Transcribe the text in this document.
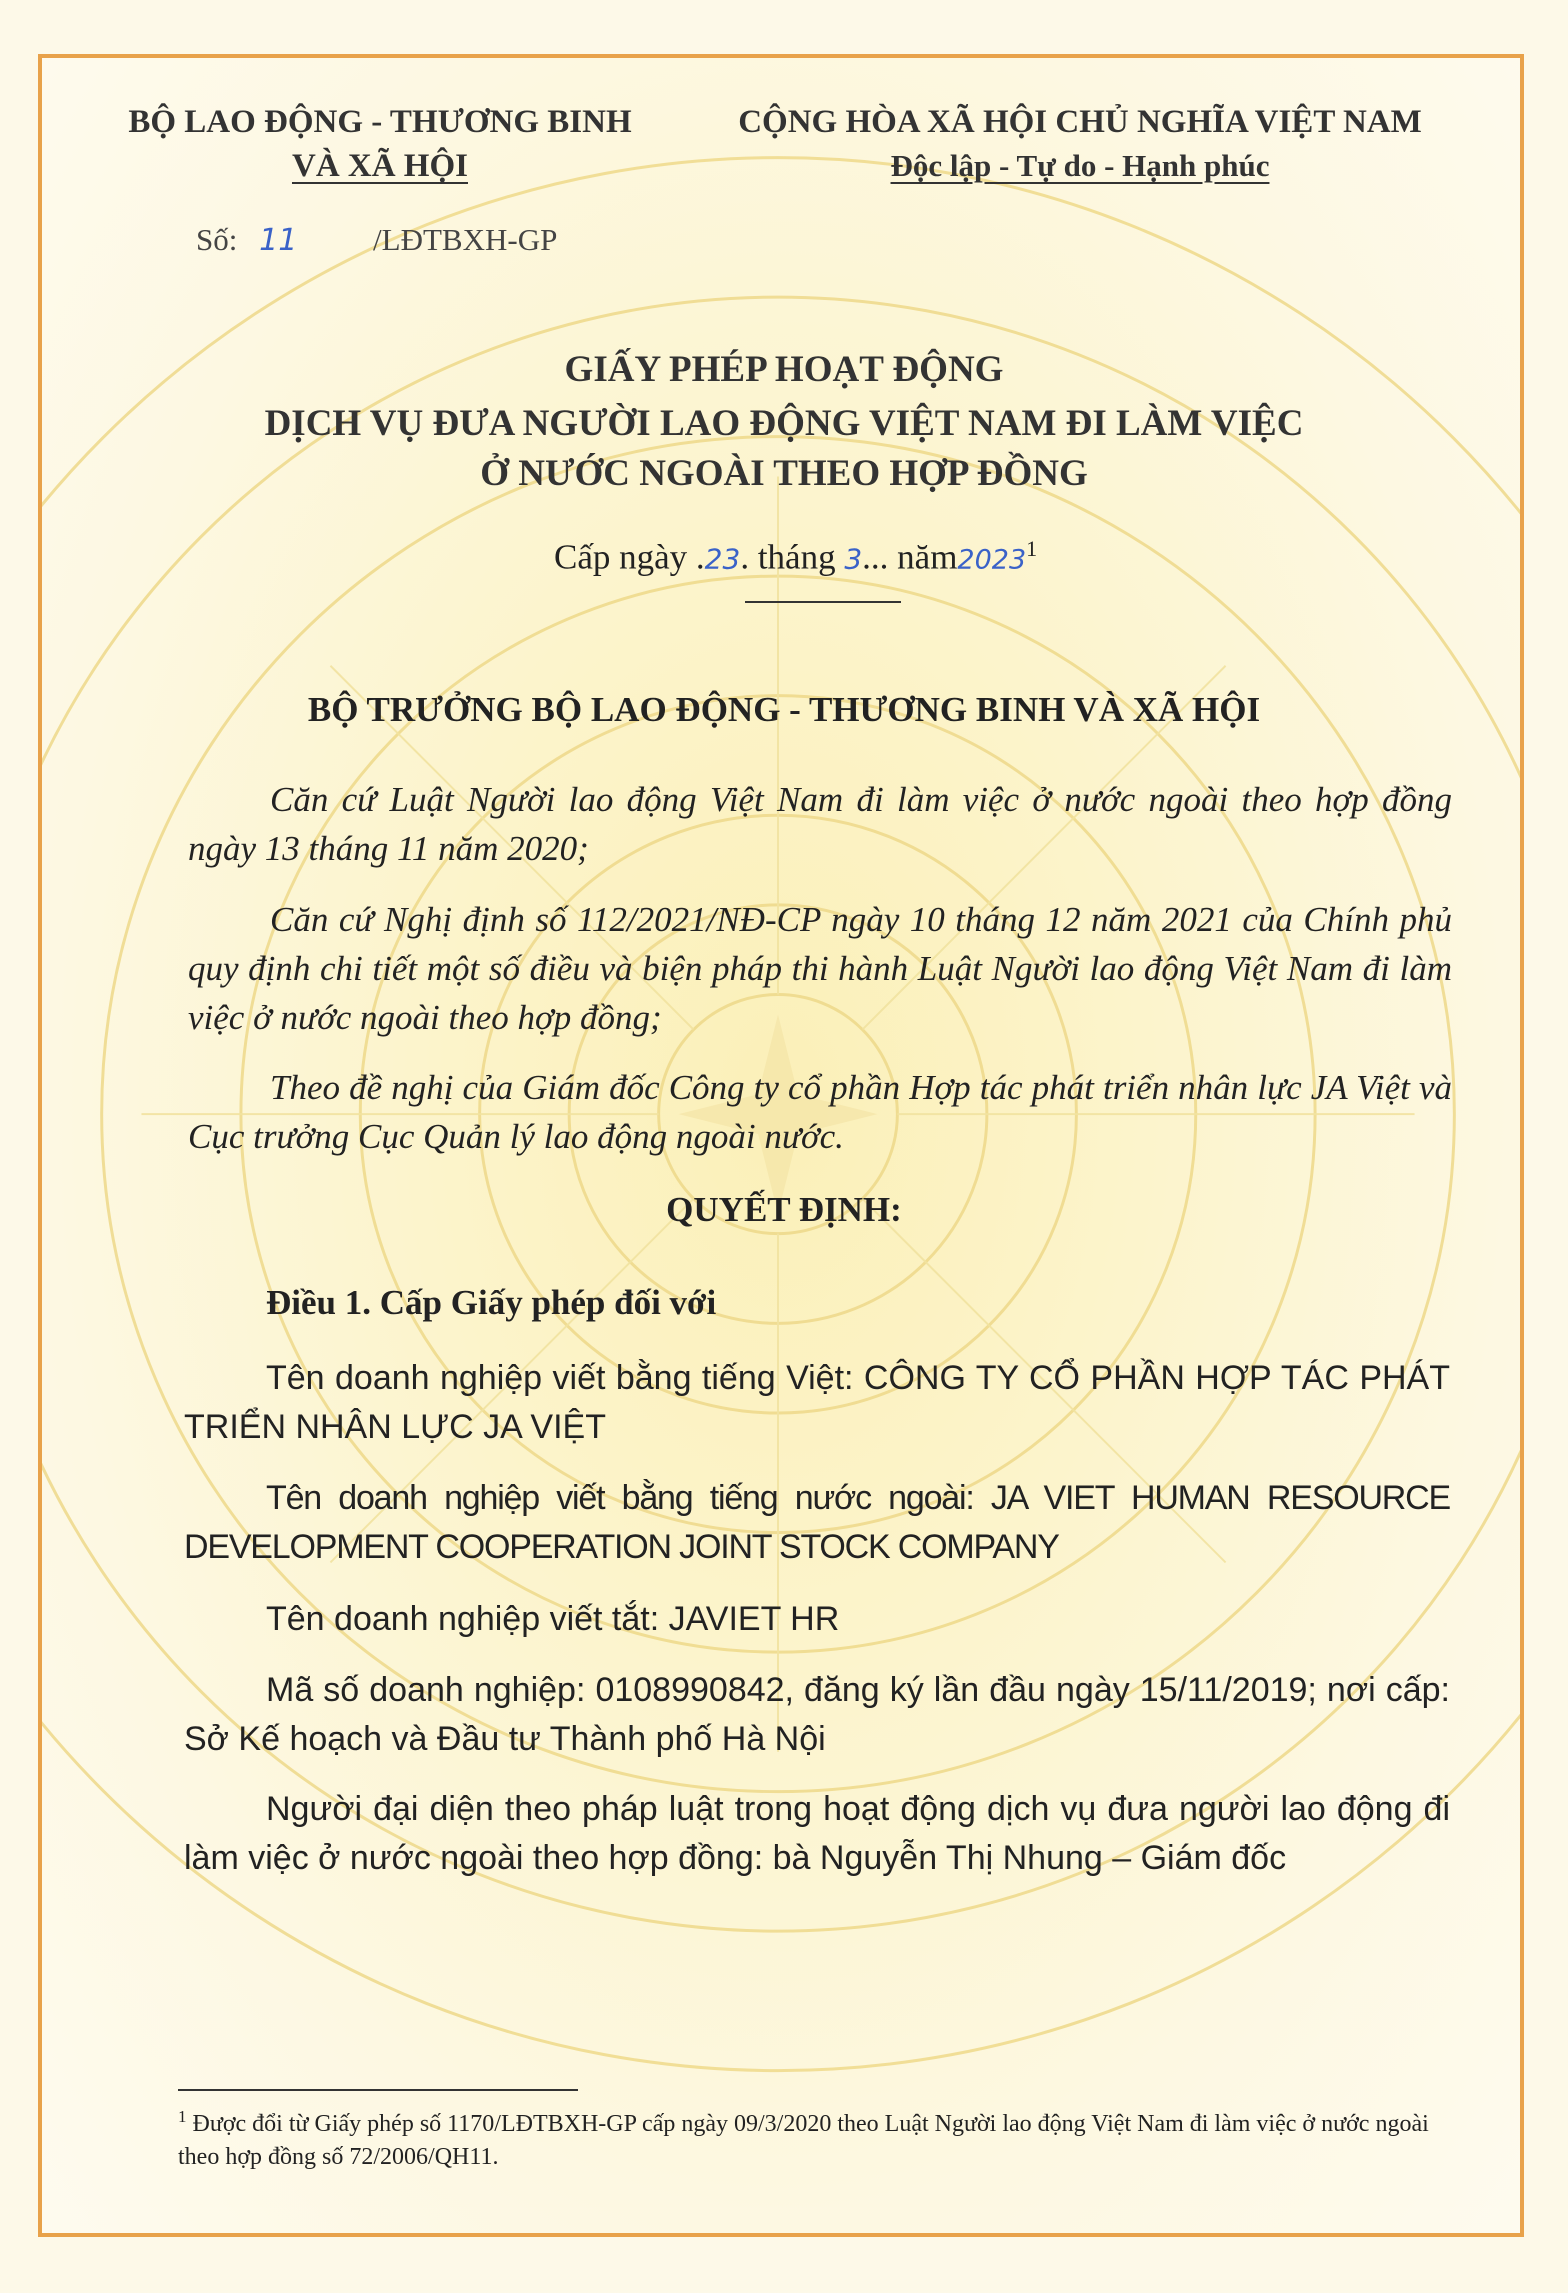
BỘ LAO ĐỘNG - THƯƠNG BINH
VÀ XÃ HỘI
CỘNG HÒA XÃ HỘI CHỦ NGHĨA VIỆT NAM
Độc lập - Tự do - Hạnh phúc
Số: 11 /LĐTBXH-GP
GIẤY PHÉP HOẠT ĐỘNG
DỊCH VỤ ĐƯA NGƯỜI LAO ĐỘNG VIỆT NAM ĐI LÀM VIỆC
Ở NƯỚC NGOÀI THEO HỢP ĐỒNG
Cấp ngày .23. tháng 3... năm2023$^1$
BỘ TRƯỞNG BỘ LAO ĐỘNG - THƯƠNG BINH VÀ XÃ HỘI

Căn cứ Luật Người lao động Việt Nam đi làm việc ở nước ngoài theo hợp đồng ngày 13 tháng 11 năm 2020;

Căn cứ Nghị định số 112/2021/NĐ-CP ngày 10 tháng 12 năm 2021 của Chính phủ quy định chi tiết một số điều và biện pháp thi hành Luật Người lao động Việt Nam đi làm việc ở nước ngoài theo hợp đồng;

Theo đề nghị của Giám đốc Công ty cổ phần Hợp tác phát triển nhân lực JA Việt và Cục trưởng Cục Quản lý lao động ngoài nước.

QUYẾT ĐỊNH:
Điều 1. Cấp Giấy phép đối với

Tên doanh nghiệp viết bằng tiếng Việt: CÔNG TY CỔ PHẦN HỢP TÁC PHÁT TRIỂN NHÂN LỰC JA VIỆT

Tên doanh nghiệp viết bằng tiếng nước ngoài: JA VIET HUMAN RESOURCE DEVELOPMENT COOPERATION JOINT STOCK COMPANY

Tên doanh nghiệp viết tắt: JAVIET HR

Mã số doanh nghiệp: 0108990842, đăng ký lần đầu ngày 15/11/2019; nơi cấp: Sở Kế hoạch và Đầu tư Thành phố Hà Nội

Người đại diện theo pháp luật trong hoạt động dịch vụ đưa người lao động đi làm việc ở nước ngoài theo hợp đồng: bà Nguyễn Thị Nhung – Giám đốc

$^1$ Được đổi từ Giấy phép số 1170/LĐTBXH-GP cấp ngày 09/3/2020 theo Luật Người lao động Việt Nam đi làm việc ở nước ngoài theo hợp đồng số 72/2006/QH11.
